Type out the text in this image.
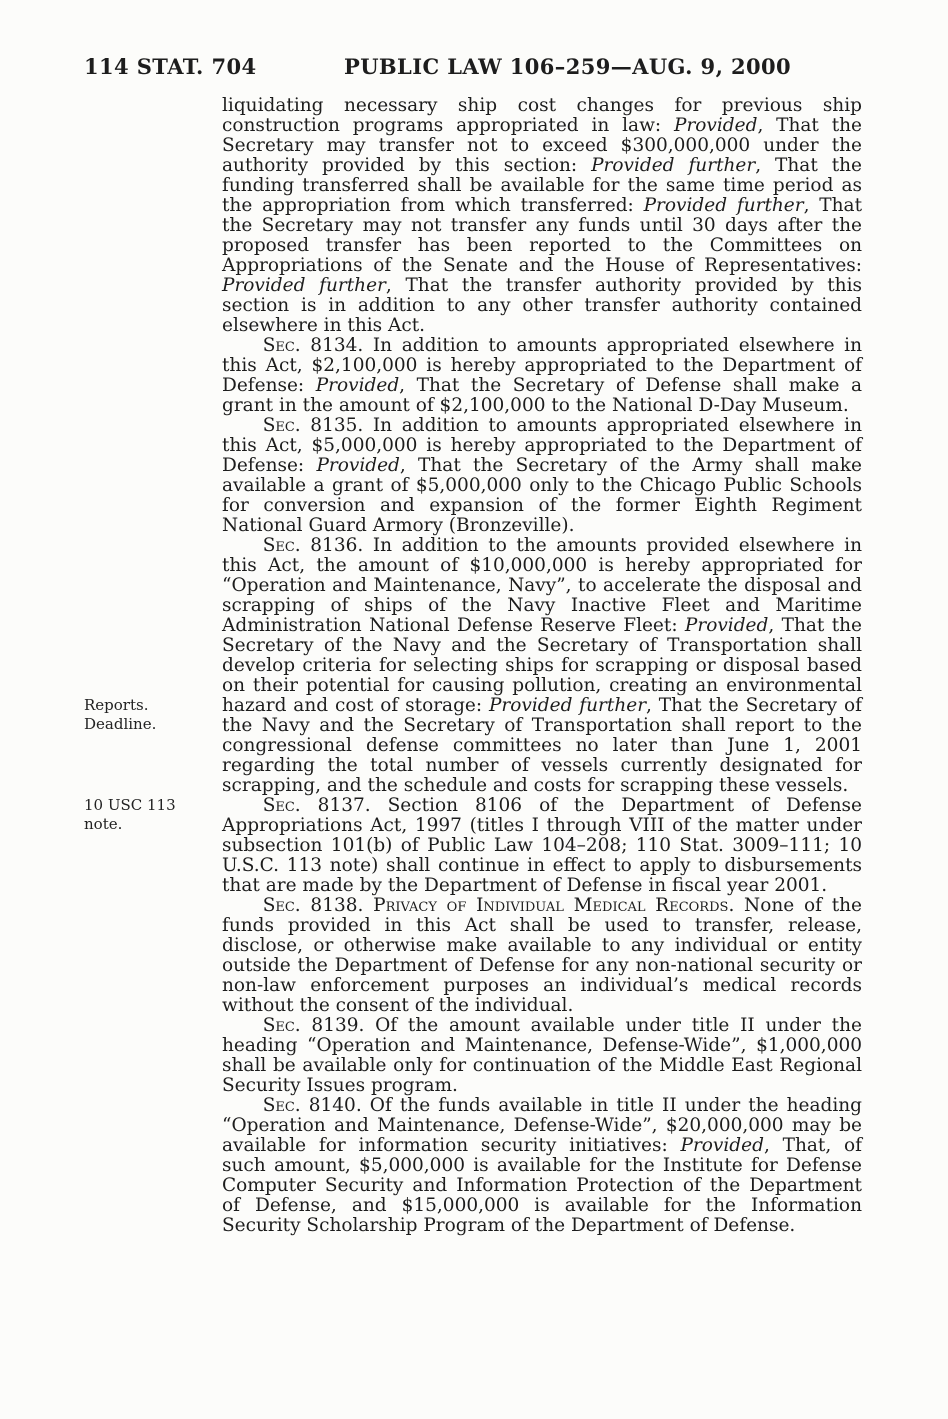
114 STAT. 704	PUBLIC LAW 106–259—AUG. 9, 2000

liquidating necessary ship cost changes for previous ship construction programs appropriated in law: Provided, That the Secretary may transfer not to exceed $300,000,000 under the authority provided by this section: Provided further, That the funding transferred shall be available for the same time period as the appropriation from which transferred: Provided further, That the Secretary may not transfer any funds until 30 days after the proposed transfer has been reported to the Committees on Appropriations of the Senate and the House of Representatives: Provided further, That the transfer authority provided by this section is in addition to any other transfer authority contained elsewhere in this Act.

Sec. 8134. In addition to amounts appropriated elsewhere in this Act, $2,100,000 is hereby appropriated to the Department of Defense: Provided, That the Secretary of Defense shall make a grant in the amount of $2,100,000 to the National D-Day Museum.

Sec. 8135. In addition to amounts appropriated elsewhere in this Act, $5,000,000 is hereby appropriated to the Department of Defense: Provided, That the Secretary of the Army shall make available a grant of $5,000,000 only to the Chicago Public Schools for conversion and expansion of the former Eighth Regiment National Guard Armory (Bronzeville).

Sec. 8136. In addition to the amounts provided elsewhere in this Act, the amount of $10,000,000 is hereby appropriated for “Operation and Maintenance, Navy”, to accelerate the disposal and scrapping of ships of the Navy Inactive Fleet and Maritime Administration National Defense Reserve Fleet: Provided, That the Secretary of the Navy and the Secretary of Transportation shall develop criteria for selecting ships for scrapping or disposal based on their potential for causing pollution, creating an environmental hazard and cost of storage: Provided further, That the Secretary of the Navy and the Secretary of Transportation shall report to the congressional defense committees no later than June 1, 2001 regarding the total number of vessels currently designated for scrapping, and the schedule and costs for scrapping these vessels.

Reports.
Deadline.

Sec. 8137. Section 8106 of the Department of Defense Appropriations Act, 1997 (titles I through VIII of the matter under subsection 101(b) of Public Law 104–208; 110 Stat. 3009–111; 10 U.S.C. 113 note) shall continue in effect to apply to disbursements that are made by the Department of Defense in fiscal year 2001.

10 USC 113 note.

Sec. 8138. Privacy of Individual Medical Records. None of the funds provided in this Act shall be used to transfer, release, disclose, or otherwise make available to any individual or entity outside the Department of Defense for any non-national security or non-law enforcement purposes an individual’s medical records without the consent of the individual.

Sec. 8139. Of the amount available under title II under the heading “Operation and Maintenance, Defense-Wide”, $1,000,000 shall be available only for continuation of the Middle East Regional Security Issues program.

Sec. 8140. Of the funds available in title II under the heading “Operation and Maintenance, Defense-Wide”, $20,000,000 may be available for information security initiatives: Provided, That, of such amount, $5,000,000 is available for the Institute for Defense Computer Security and Information Protection of the Department of Defense, and $15,000,000 is available for the Information Security Scholarship Program of the Department of Defense.
